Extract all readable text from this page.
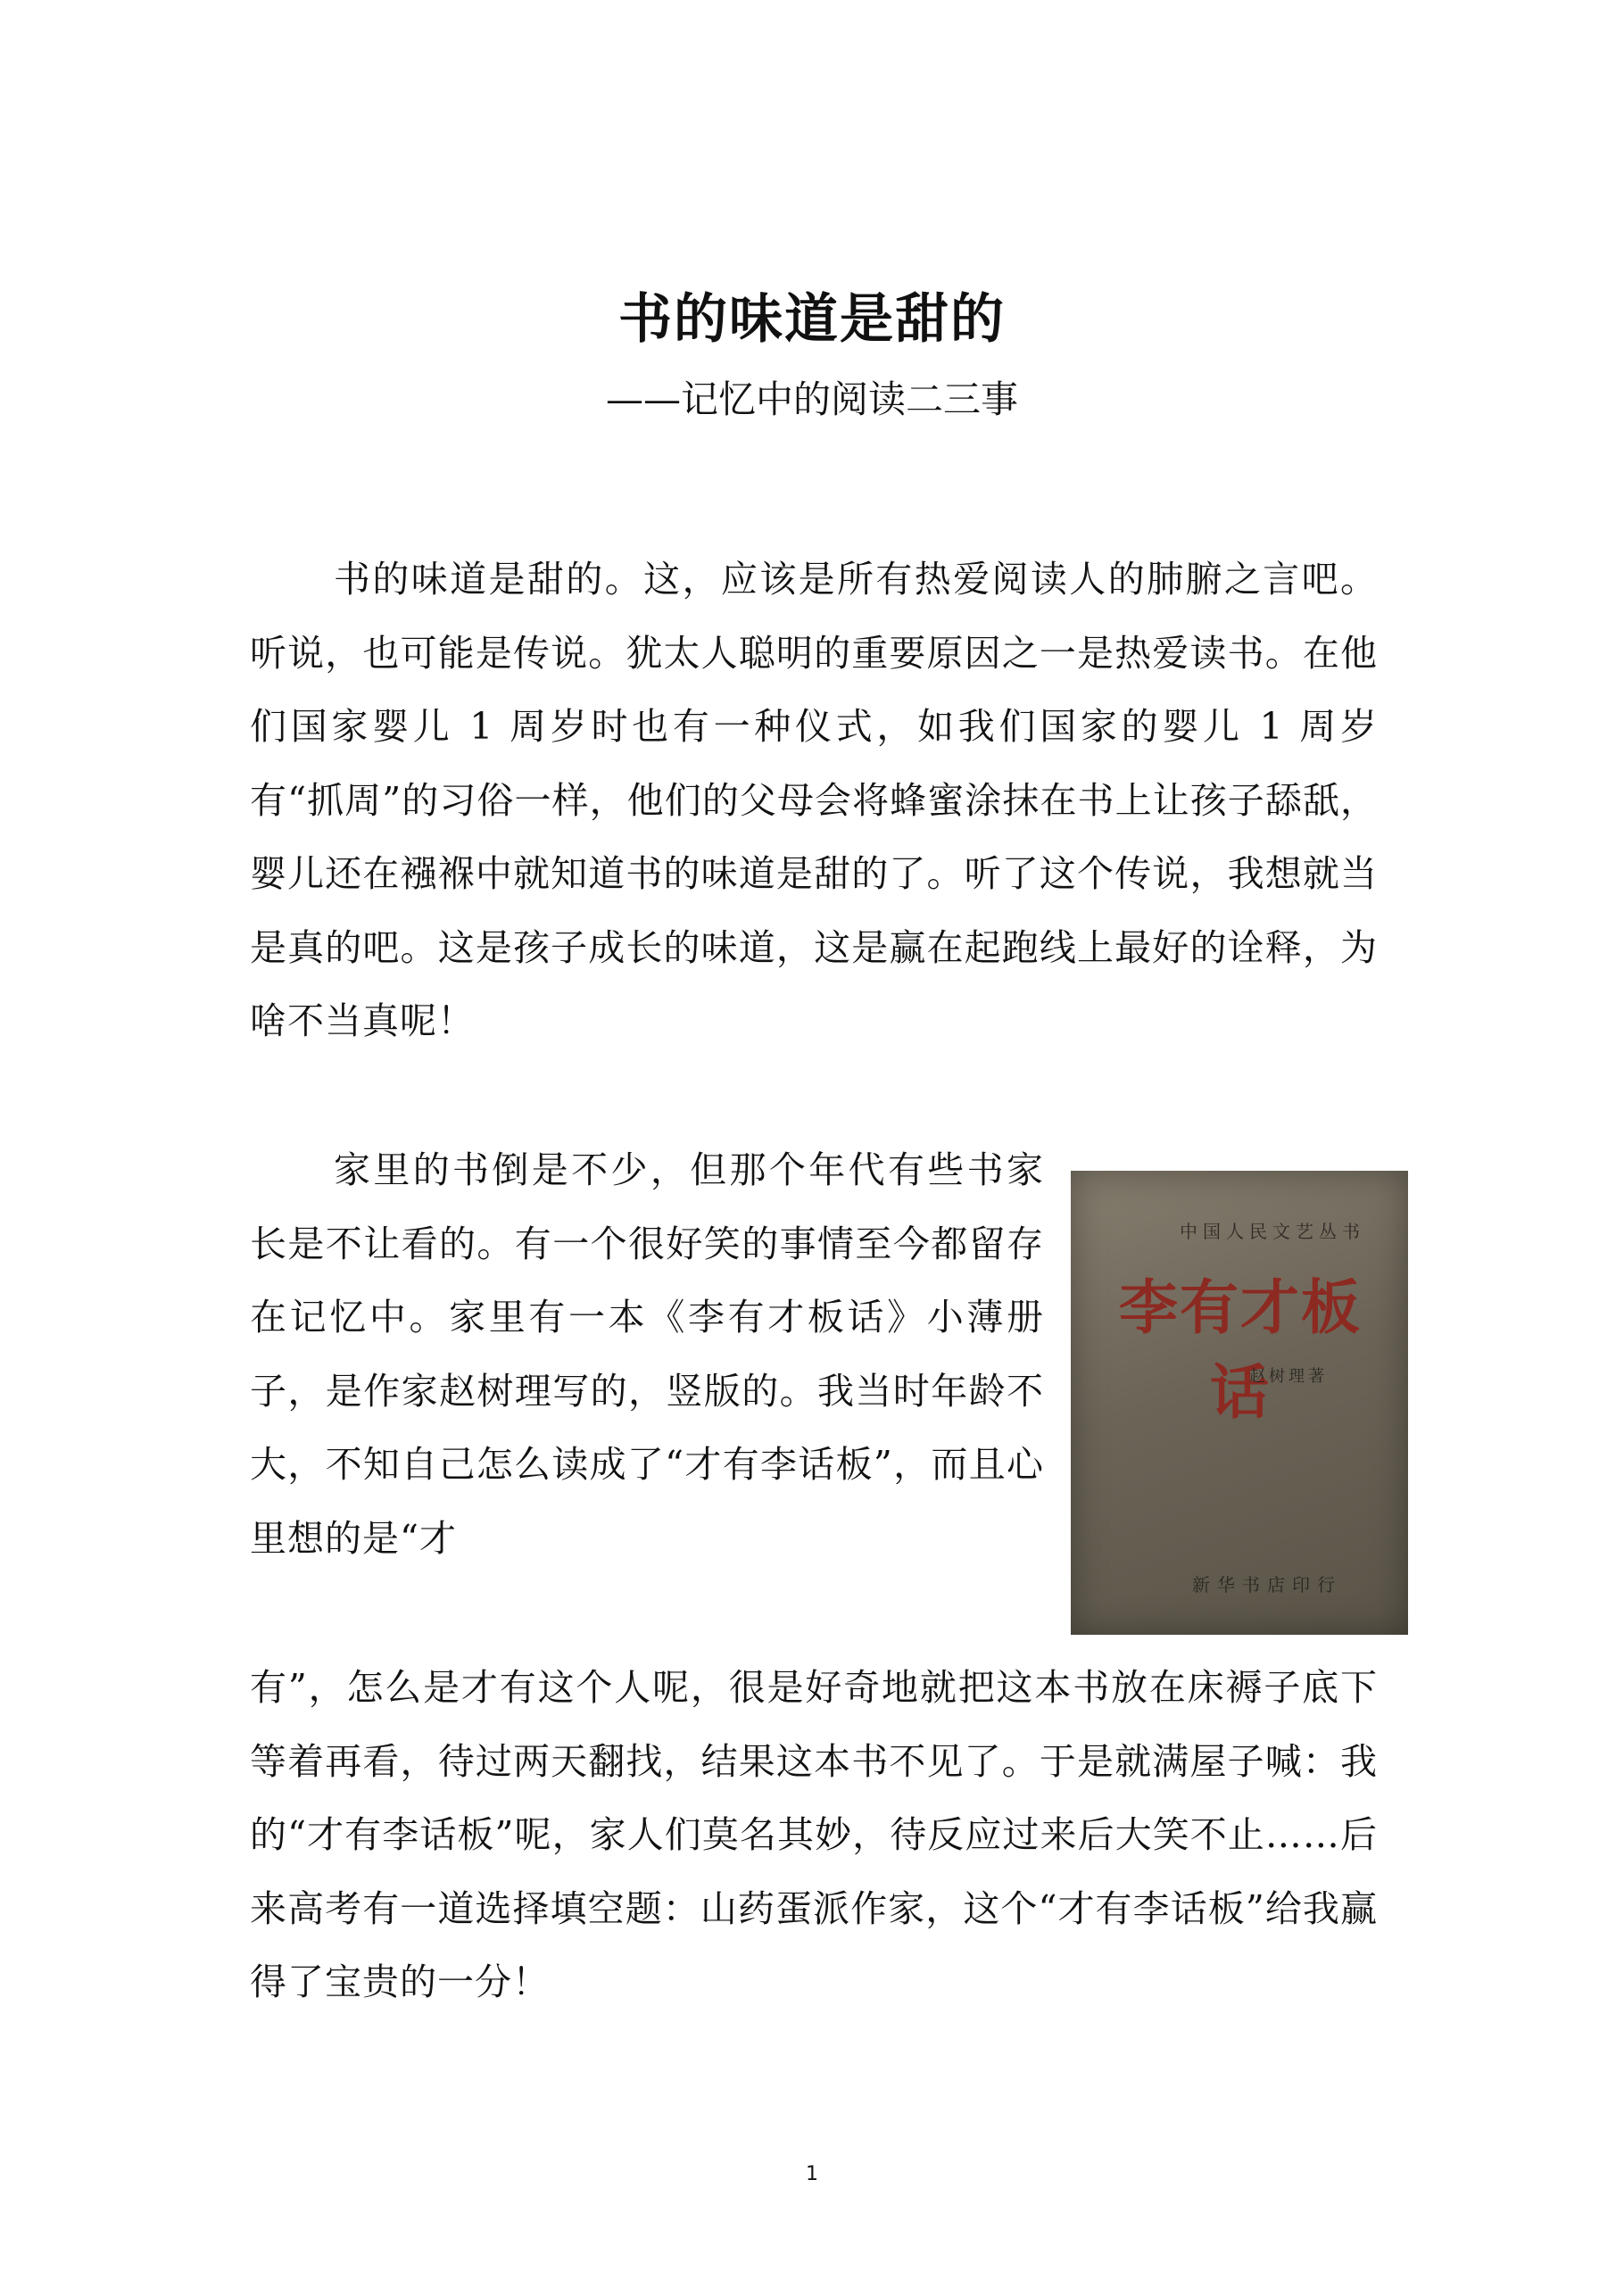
书的味道是甜的

——记忆中的阅读二三事

书的味道是甜的。这，应该是所有热爱阅读人的肺腑之言吧。听说，也可能是传说。犹太人聪明的重要原因之一是热爱读书。在他们国家婴儿 1 周岁时也有一种仪式，如我们国家的婴儿 1 周岁有“抓周”的习俗一样，他们的父母会将蜂蜜涂抹在书上让孩子舔舐，婴儿还在襁褓中就知道书的味道是甜的了。听了这个传说，我想就当是真的吧。这是孩子成长的味道，这是赢在起跑线上最好的诠释，为啥不当真呢！

家里的书倒是不少，但那个年代有些书家长是不让看的。有一个很好笑的事情至今都留存在记忆中。家里有一本《李有才板话》小薄册子，是作家赵树理写的，竖版的。我当时年龄不大，不知自己怎么读成了“才有李话板”，而且心里想的是“才

中国人民文艺丛书
李有才板话
赵树理著
新华书店印行

有”，怎么是才有这个人呢，很是好奇地就把这本书放在床褥子底下等着再看，待过两天翻找，结果这本书不见了。于是就满屋子喊：我的“才有李话板”呢，家人们莫名其妙，待反应过来后大笑不止……后来高考有一道选择填空题：山药蛋派作家，这个“才有李话板”给我赢得了宝贵的一分！

1
